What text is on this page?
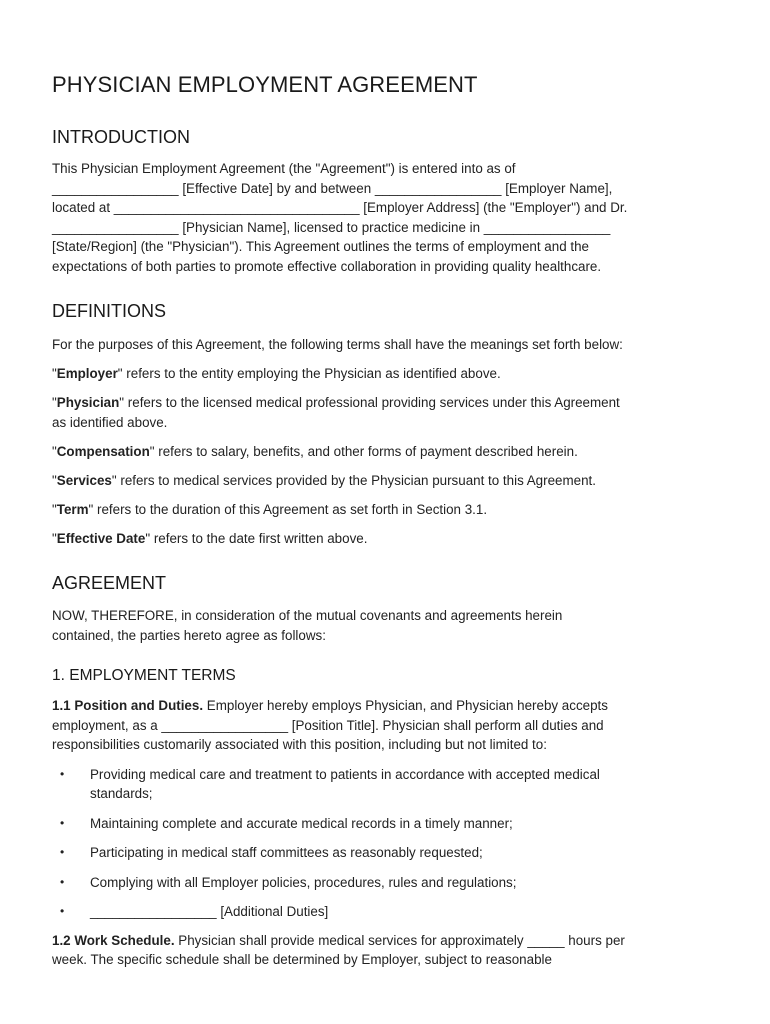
PHYSICIAN EMPLOYMENT AGREEMENT
INTRODUCTION

This Physician Employment Agreement (the "Agreement") is entered into as of
_________________ [Effective Date] by and between _________________ [Employer Name],
located at _________________________________ [Employer Address] (the "Employer") and Dr.
_________________ [Physician Name], licensed to practice medicine in _________________
[State/Region] (the "Physician"). This Agreement outlines the terms of employment and the
expectations of both parties to promote effective collaboration in providing quality healthcare.

DEFINITIONS

For the purposes of this Agreement, the following terms shall have the meanings set forth below:

"Employer" refers to the entity employing the Physician as identified above.

"Physician" refers to the licensed medical professional providing services under this Agreement
as identified above.

"Compensation" refers to salary, benefits, and other forms of payment described herein.

"Services" refers to medical services provided by the Physician pursuant to this Agreement.

"Term" refers to the duration of this Agreement as set forth in Section 3.1.

"Effective Date" refers to the date first written above.

AGREEMENT

NOW, THEREFORE, in consideration of the mutual covenants and agreements herein
contained, the parties hereto agree as follows:

1. EMPLOYMENT TERMS

1.1 Position and Duties. Employer hereby employs Physician, and Physician hereby accepts
employment, as a _________________ [Position Title]. Physician shall perform all duties and
responsibilities customarily associated with this position, including but not limited to:

• Providing medical care and treatment to patients in accordance with accepted medical
standards;
• Maintaining complete and accurate medical records in a timely manner;
• Participating in medical staff committees as reasonably requested;
• Complying with all Employer policies, procedures, rules and regulations;
• _________________ [Additional Duties]

1.2 Work Schedule. Physician shall provide medical services for approximately _____ hours per
week. The specific schedule shall be determined by Employer, subject to reasonable
